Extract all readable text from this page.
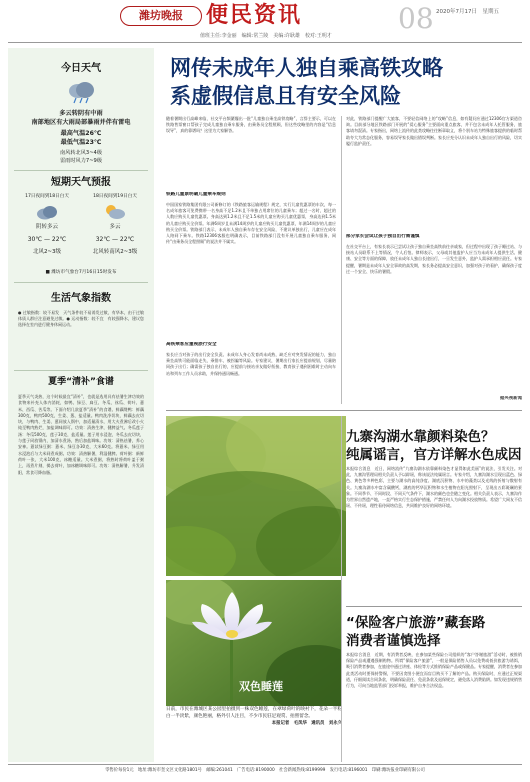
潍坊晚报	便民资讯	08 2020年7月17日　星期五
值班主任:李金丽　编辑:常兰陵　美编:许耿雄　校对:王明才
今日天气
多云转阴有中雨
南部地区有大雨局部暴雨并伴有雷电
最高气温26℃
最低气温23℃
南风转北风3~4级
雷雨时风力7~9级
短期天气预报
17日夜间到18日白天
阴转多云
30℃ — 22℃
北风2~3级
18日夜间到19日白天
多云
32℃ — 22℃
北风转南风2~3级
■ 潍坊市气象台7月16日15时发布
生活气象指数
● 过敏指数：较不易发　天气条件较不易诱发过敏，有华本，由于过敏体质人群应注意避免过敏。● 运动指数：较不宜　有较强降水，建议您选择在室内进行健身休闲运动。
夏季“清补”食谱
夏季天气炎热，这个时候最宜“清补”，也就是选用具有祛暑生津功效的食物来补充人体内消耗，如鸭、绿豆、扁豆、冬瓜、丝瓜、荷叶、薏米、西瓜、苦瓜等。下面介绍几款夏季“清补”的食谱。鲜藕煲鸭：鲜藕300克，鸭肉500克，生姜、葱、盐适量。鸭肉洗净切块，鲜藕去皮切块，与鸭肉、生姜、葱同放入锅中，加适量清水，用大火煮沸后改小火炖至鸭肉熟烂，加盐调味即可。功效：清热生津，健脾益气。冬瓜莲子汤：冬瓜500克，莲子30克，盐适量。莲子用水浸泡，冬瓜去皮切块，与莲子同放锅内，加清水煮汤，熟后加盐调味。功效：清热祛暑，养心安神。薏苡绿豆粥：薏米、绿豆各30克，大米60克。将薏米、绿豆用水浸泡后与大米同煮成粥。功效：清热解暑，利湿健脾。荷叶粥：新鲜荷叶一张，大米100克，冰糖适量。大米煮粥，将熟时将荷叶盖于粥上，再煮片刻，揭去荷叶，加冰糖调味即可。功效：清热解暑，升发清阳，常食可降血脂。
网传未成年人独自乘高铁攻略
系虚假信息且有安全风险
随着暑期出行高峰来临，社交平台频繁爆出一批“儿童独自乘坐高铁攻略”，言辞主要示，可以在铁路售票窗口帮孩子完成儿童独自乘车服务，由乘务员全程照顾，但这些攻略里的内容是“信息误导”，真的靠谱吗？这里为大家解答。
铁路儿童票明确儿童乘车规则
中国国家铁路集团有限公司新修订的《铁路旅客运输规程》规定，实行儿童优惠票的车次，每一名成年旅客可免费携带一名身高不足1.2米且不单独占用席位的儿童乘车；超过一名时，超过的人数应购买儿童优惠票。身高达到1.2米且不足1.5米的儿童应购买儿童优惠票，身高达到1.5米的儿童应购买全价票。年满6周岁且未满14周岁的儿童应购买儿童优惠票，年满14周岁的儿童应购买全价票。铁路部门表示，未成年人独自乘车存在安全风险，不建议单独出行，儿童应在成年人陪同下乘车。铁路12306客服也明确表示，目前铁路部门没有开展儿童独自乘车服务，网传“由乘务员全程照顾”的说法并不属实。
高铁乘客应重视旅行安全
家长应当对孩子的出行安全负责。未成年人身心发育尚未成熟，缺乏应对突发情况的能力，独自乘坐高铁可能面临走失、乘错车、被拐骗等风险。专家建议，暑期出行家长应提前规划，尽量陪同孩子出行；确需孩子独自出行的，应提前与接站亲友做好衔接，教育孩子遇到困难时主动向车站和列车工作人员求助，并保持通讯畅通。
对此，铁路部门提醒广大旅客，不要轻信网络上的“攻略”信息，如有疑问应通过12306官方渠道咨询。目前部分地区铁路部门开展的“爱心服务”主要面向重点旅客，并不包含未成年人托管服务，旅客请勿混淆。专家指出，网络上流传的此类攻略往往断章取义，将个别车站为特殊旅客提供的临时帮助夸大为常态化服务，容易误导家长做出错误判断。家长应充分认识未成年人独自出行的风险，切实履行监护责任。
部分家长尝试让孩子独自出行需谨慎
在社交平台上，有家长表示已尝试让孩子独自乘坐高铁前往亲戚家，但过程中出现了孩子睡过站、与接站人员联系不上等情况，令人后怕。律师表示，父母或其他监护人应当为未成年人提供生活、健康、安全等方面的保障，放任未成年人独自长途出行，一旦发生意外，监护人需承担相应责任。专家提醒，暑期是未成年人安全事故的高发期，家长务必提高安全意识，加强对孩子的看护，确保孩子度过一个安全、快乐的暑假。
据央视新闻
九寨沟湖水靠颜料染色？
纯属谣言，官方详解水色成因
本报综合消息　近日，网络流传“九寨沟湖水依靠颜料染色才显得如此美丽”的说法，引发关注。对此，九寨沟管理局相关负责人予以辟谣，称该说法纯属谣言。专家介绍，九寨沟湖水呈现出蓝色、绿色、黄色等多种色彩，主要与湖水的高纯净度、湖底沉积物、水中的藻类以及光线的折射与散射有关。九寨沟湖水中富含碳酸钙，湖底的钙华沉积物和水生植物在阳光照射下，呈现出五彩斑斓的景象。不同季节、不同时段、不同天气条件下，湖水的颜色也会随之变化。相关负责人表示，九寨沟作为世界自然遗产地，一直严格实行生态保护措施，严禁任何人为向湖水投放物质。希望广大网友不信谣、不传谣，理性看待网络信息，共同维护良好的网络环境。
“保险客户旅游”藏套路
消费者谨慎选择
本报综合消息　近期，有消费者反映，在参加某些保险公司组织的“客户答谢旅游”活动时，被推销保险产品或遭遇强制购物。所谓“保险客户旅游”，一般是保险销售人员以免费或低价旅游为诱饵，吸引消费者参加，在旅途中通过讲座、体检等方式推销保险产品或保健品。专家提醒，消费者在参加此类活动时要保持警惕，不要因贪图小便宜而盲目购买不了解的产品。购买保险时，应通过正规渠道，仔细阅读合同条款，明确保险责任、免责条款及退保规定，避免落入消费陷阱。如发现违规销售行为，可向当地监管部门投诉举报，维护自身合法权益。
双色睡莲
日前，市民在潍城区某公园里拍摄到一株双色睡莲，在翠绿荷叶的映衬下，花朵一半粉白一半淡紫，颜色艳丽，格外引人注目，不少市民驻足观赏、拍照留念。
本报记者　毛凤华　通讯员　刘永久
零售价每份1元　地址:潍坊市奎文区文化路1801号　邮编:261041　广告电话:8190000　社会新闻热线:8199999　发行电话:8196001　印刷:潍坊报业印刷有限公司
